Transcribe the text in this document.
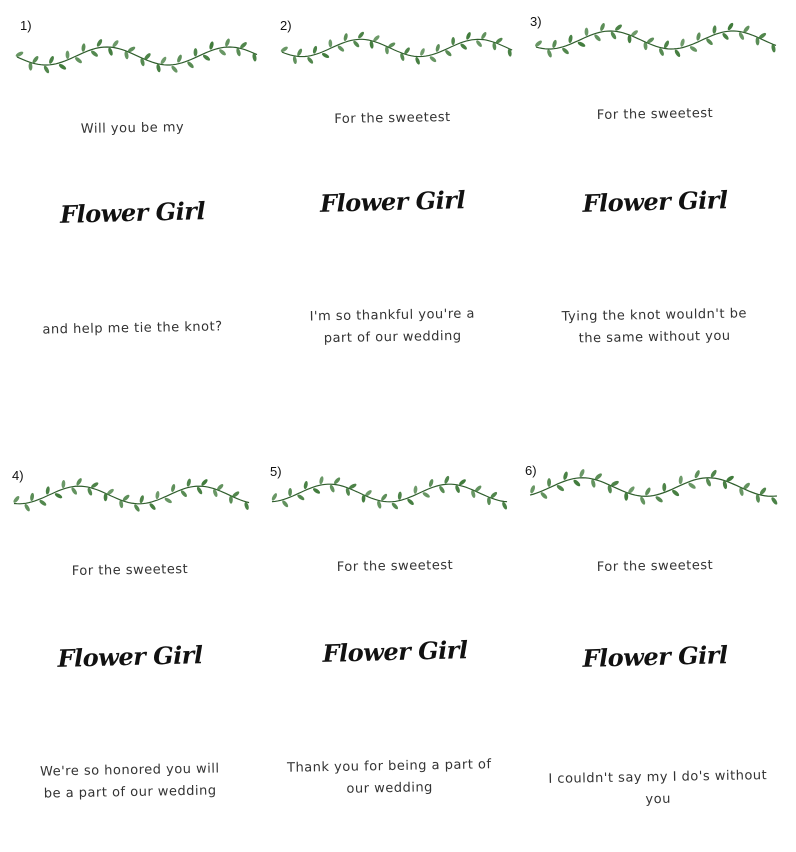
1)
Will you be my
Flower Girl
and help me tie the knot?
2)
For the sweetest
Flower Girl
I'm so thankful you're a part of our wedding
3)
For the sweetest
Flower Girl
Tying the knot wouldn't be the same without you
4)
For the sweetest
Flower Girl
We're so honored you will be a part of our wedding
5)
For the sweetest
Flower Girl
Thank you for being a part of our wedding
6)
For the sweetest
Flower Girl
I couldn't say my I do's without you
